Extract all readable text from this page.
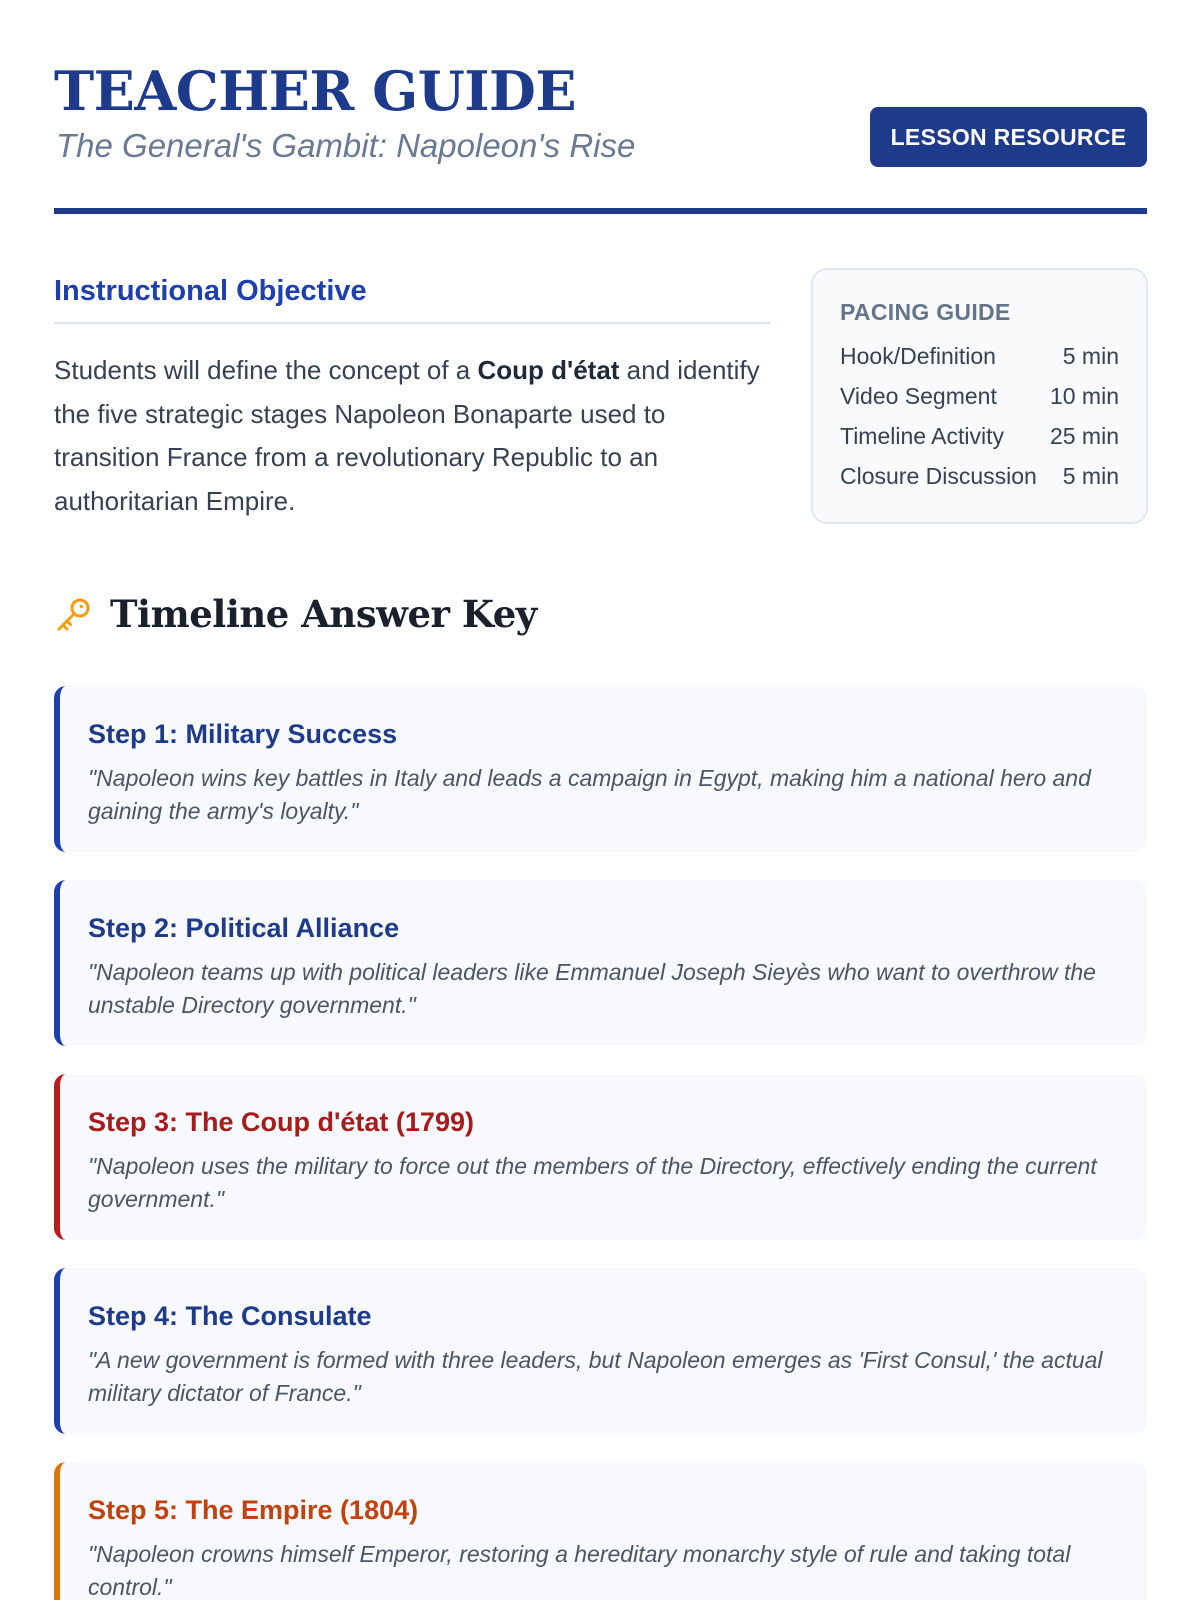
TEACHER GUIDE
The General's Gambit: Napoleon's Rise	LESSON RESOURCE
Instructional Objective

Students will define the concept of a Coup d'état and identify the five strategic stages Napoleon Bonaparte used to transition France from a revolutionary Republic to an authoritarian Empire.

PACING GUIDE
Hook/Definition	5 min
Video Segment 10 min
Timeline Activity 25 min
Closure Discussion 5 min
Timeline Answer Key
Step 1: Military Success
"Napoleon wins key battles in Italy and leads a campaign in Egypt, making him a national hero and gaining the army's loyalty."
Step 2: Political Alliance
"Napoleon teams up with political leaders like Emmanuel Joseph Sieyès who want to overthrow the unstable Directory government."
Step 3: The Coup d'état (1799)
"Napoleon uses the military to force out the members of the Directory, effectively ending the current government."
Step 4: The Consulate
"A new government is formed with three leaders, but Napoleon emerges as 'First Consul,' the actual military dictator of France."
Step 5: The Empire (1804)
"Napoleon crowns himself Emperor, restoring a hereditary monarchy style of rule and taking total control."
